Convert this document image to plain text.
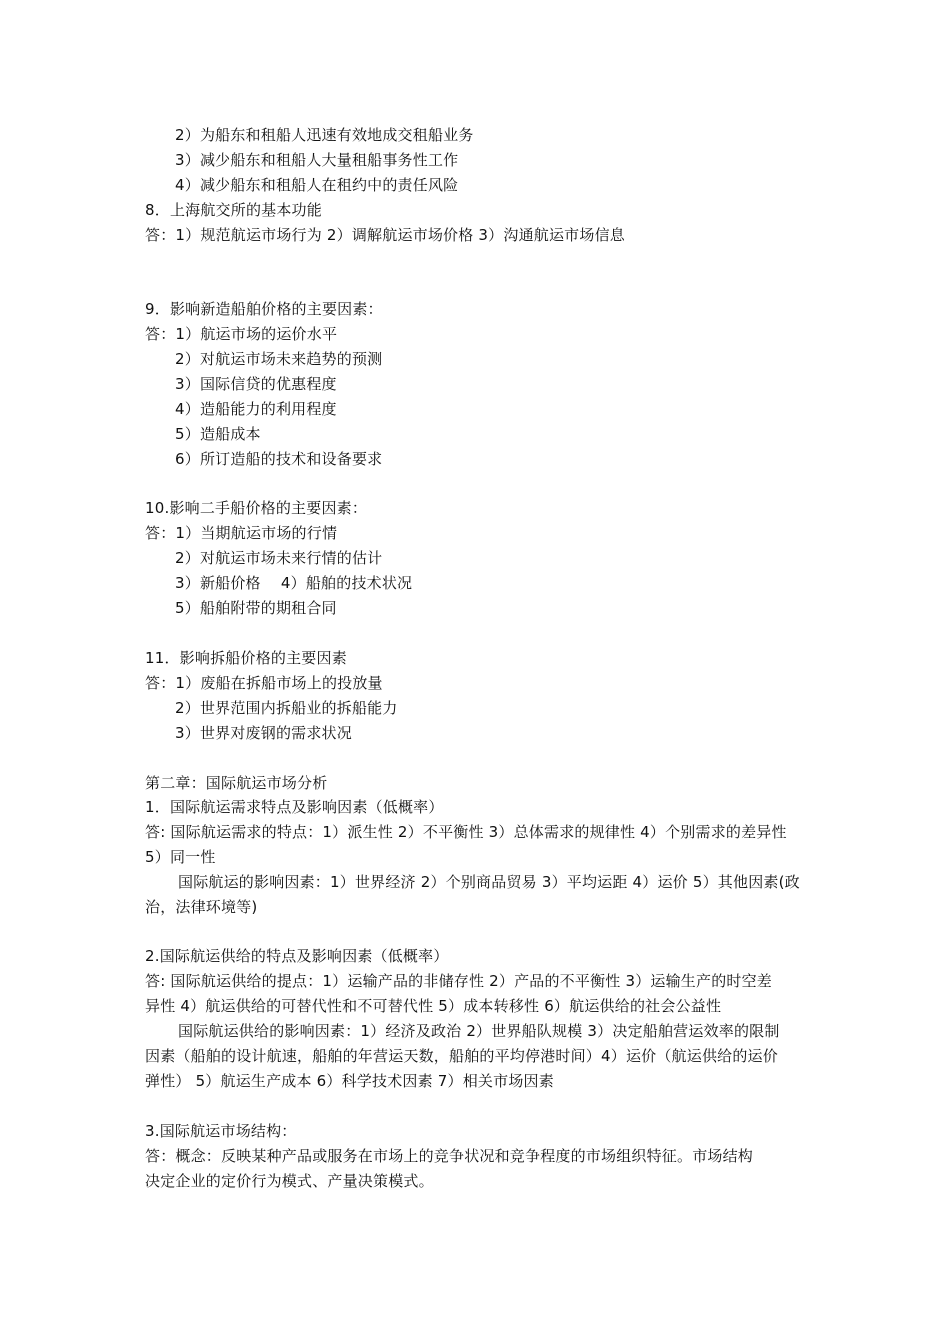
2）为船东和租船人迅速有效地成交租船业务
3）减少船东和租船人大量租船事务性工作
4）减少船东和租船人在租约中的责任风险
8．上海航交所的基本功能
答：1）规范航运市场行为 2）调解航运市场价格 3）沟通航运市场信息
9．影响新造船舶价格的主要因素：
答：1）航运市场的运价水平
2）对航运市场未来趋势的预测
3）国际信贷的优惠程度
4）造船能力的利用程度
5）造船成本
6）所订造船的技术和设备要求
10.影响二手船价格的主要因素：
答：1）当期航运市场的行情
2）对航运市场未来行情的估计
3）新船价格　 4）船舶的技术状况
5）船舶附带的期租合同
11．影响拆船价格的主要因素
答：1）废船在拆船市场上的投放量
2）世界范围内拆船业的拆船能力
3）世界对废钢的需求状况
第二章：国际航运市场分析
1．国际航运需求特点及影响因素（低概率）
答: 国际航运需求的特点：1）派生性 2）不平衡性 3）总体需求的规律性 4）个别需求的差异性
5）同一性
国际航运的影响因素：1）世界经济 2）个别商品贸易 3）平均运距 4）运价 5）其他因素(政
治，法律环境等)
2.国际航运供给的特点及影响因素（低概率）
答: 国际航运供给的提点：1）运输产品的非储存性 2）产品的不平衡性 3）运输生产的时空差
异性 4）航运供给的可替代性和不可替代性 5）成本转移性 6）航运供给的社会公益性
国际航运供给的影响因素：1）经济及政治 2）世界船队规模 3）决定船舶营运效率的限制
因素（船舶的设计航速，船舶的年营运天数，船舶的平均停港时间）4）运价（航运供给的运价
弹性） 5）航运生产成本 6）科学技术因素 7）相关市场因素
3.国际航运市场结构：
答：概念：反映某种产品或服务在市场上的竞争状况和竞争程度的市场组织特征。市场结构
决定企业的定价行为模式、产量决策模式。
